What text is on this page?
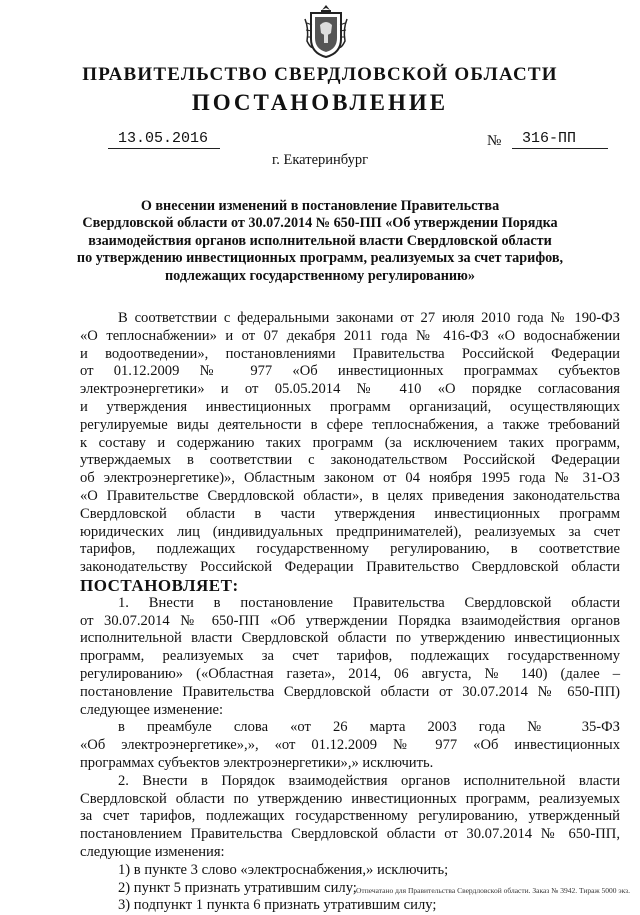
ПРАВИТЕЛЬСТВО СВЕРДЛОВСКОЙ ОБЛАСТИ
ПОСТАНОВЛЕНИЕ
13.05.2016	№ 316-ПП
г. Екатеринбург
О внесении изменений в постановление Правительства
Свердловской области от 30.07.2014 № 650-ПП «Об утверждении Порядка
взаимодействия органов исполнительной власти Свердловской области
по утверждению инвестиционных программ, реализуемых за счет тарифов,
подлежащих государственному регулированию»
В соответствии с федеральными законами от 27 июля 2010 года № 190-ФЗ
«О теплоснабжении» и от 07 декабря 2011 года № 416-ФЗ «О водоснабжении
и водоотведении», постановлениями Правительства Российской Федерации
от 01.12.2009 № 977 «Об инвестиционных программах субъектов
электроэнергетики» и от 05.05.2014 № 410 «О порядке согласования
и утверждения инвестиционных программ организаций, осуществляющих
регулируемые виды деятельности в сфере теплоснабжения, а также требований
к составу и содержанию таких программ (за исключением таких программ,
утверждаемых в соответствии с законодательством Российской Федерации
об электроэнергетике)», Областным законом от 04 ноября 1995 года № 31-ОЗ
«О Правительстве Свердловской области», в целях приведения законодательства
Свердловской области в части утверждения инвестиционных программ
юридических лиц (индивидуальных предпринимателей), реализуемых за счет
тарифов, подлежащих государственному регулированию, в соответствие
законодательству Российской Федерации Правительство Свердловской области
ПОСТАНОВЛЯЕТ:
1. Внести в постановление Правительства Свердловской области
от 30.07.2014 № 650-ПП «Об утверждении Порядка взаимодействия органов
исполнительной власти Свердловской области по утверждению инвестиционных
программ, реализуемых за счет тарифов, подлежащих государственному
регулированию» («Областная газета», 2014, 06 августа, № 140) (далее –
постановление Правительства Свердловской области от 30.07.2014 № 650-ПП)
следующее изменение:
в преамбуле слова «от 26 марта 2003 года № 35-ФЗ
«Об электроэнергетике»,», «от 01.12.2009 № 977 «Об инвестиционных
программах субъектов электроэнергетики»,» исключить.
2. Внести в Порядок взаимодействия органов исполнительной власти
Свердловской области по утверждению инвестиционных программ, реализуемых
за счет тарифов, подлежащих государственному регулированию, утвержденный
постановлением Правительства Свердловской области от 30.07.2014 № 650-ПП,
следующие изменения:
1) в пункте 3 слово «электроснабжения,» исключить;
2) пункт 5 признать утратившим силу;
3) подпункт 1 пункта 6 признать утратившим силу;
Отпечатано для Правительства Свердловской области. Заказ № 3942. Тираж 5000 экз.
